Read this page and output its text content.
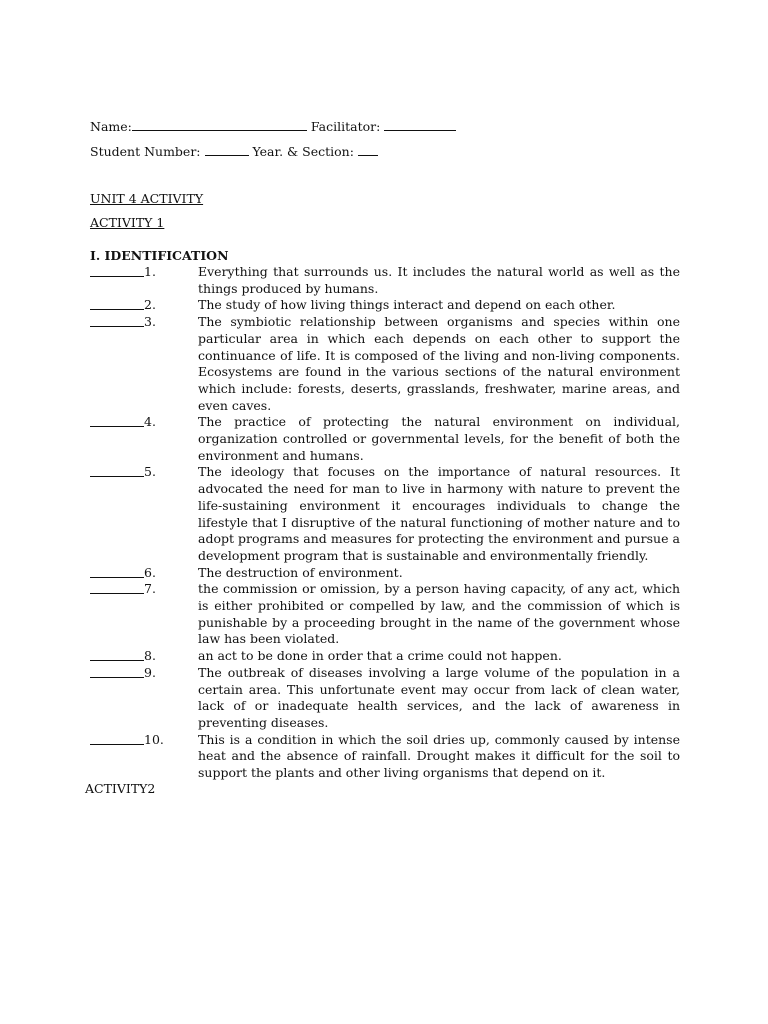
Name:	Facilitator:
Student Number:	Year. & Section:
UNIT 4 ACTIVITY
ACTIVITY 1
I. IDENTIFICATION
1.	Everything that surrounds us. It includes the natural world as well as the things produced by humans.
2.	The study of how living things interact and depend on each other.
3.	The symbiotic relationship between organisms and species within one particular area in which each depends on each other to support the continuance of life. It is composed of the living and non-living components. Ecosystems are found in the various sections of the natural environment which include: forests, deserts, grasslands, freshwater, marine areas, and even caves.
4.	The practice of protecting the natural environment on individual, organization controlled or governmental levels, for the benefit of both the environment and humans.
5.	The ideology that focuses on the importance of natural resources. It advocated the need for man to live in harmony with nature to prevent the life-sustaining environment it encourages individuals to change the lifestyle that I disruptive of the natural functioning of mother nature and to adopt programs and measures for protecting the environment and pursue a development program that is sustainable and environmentally friendly.
6.	The destruction of environment.
7.	the commission or omission, by a person having capacity, of any act, which is either prohibited or compelled by law, and the commission of which is punishable by a proceeding brought in the name of the government whose law has been violated.
8.	an act to be done in order that a crime could not happen.
9.	The outbreak of diseases involving a large volume of the population in a certain area. This unfortunate event may occur from lack of clean water, lack of or inadequate health services, and the lack of awareness in preventing diseases.
10.	This is a condition in which the soil dries up, commonly caused by intense heat and the absence of rainfall. Drought makes it difficult for the soil to support the plants and other living organisms that depend on it.
ACTIVITY2
